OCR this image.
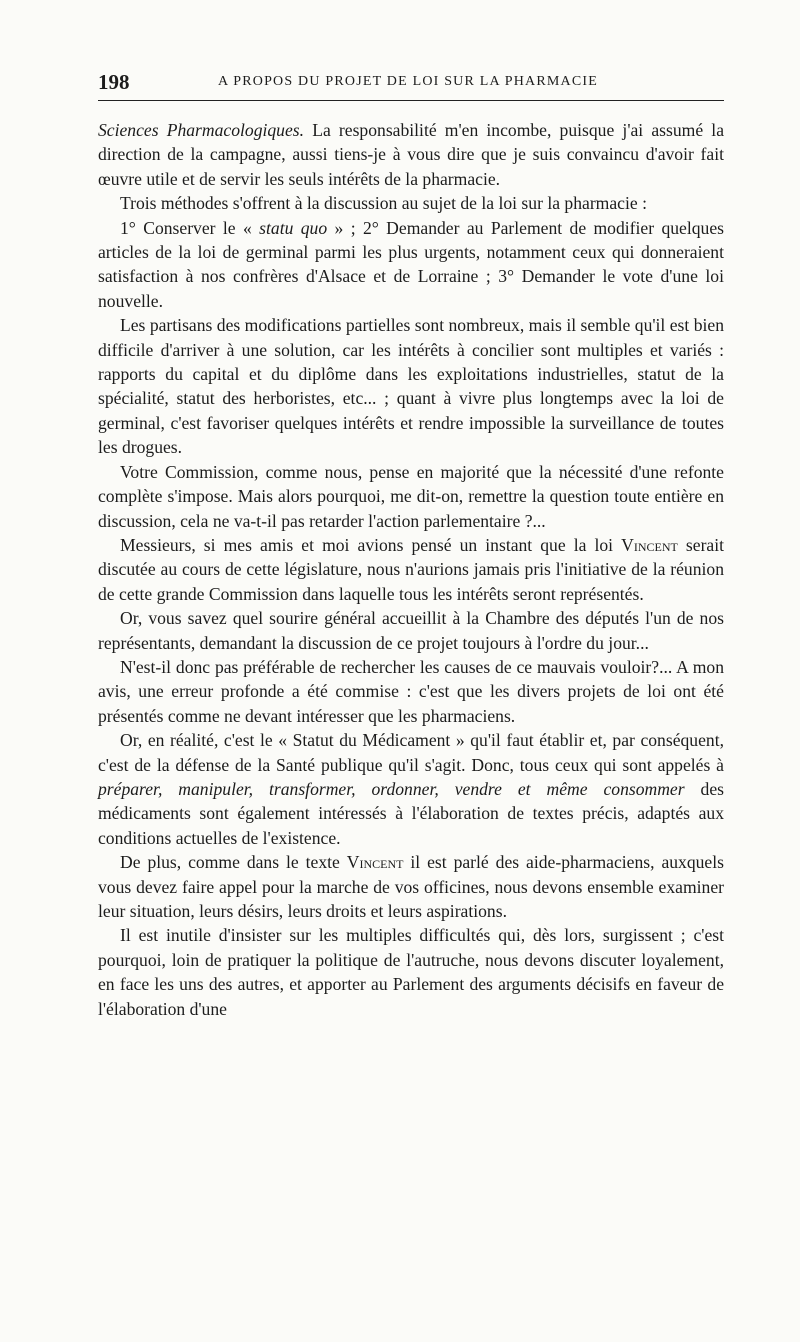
198	A PROPOS DU PROJET DE LOI SUR LA PHARMACIE

Sciences Pharmacologiques. La responsabilité m'en incombe, puisque j'ai assumé la direction de la campagne, aussi tiens-je à vous dire que je suis convaincu d'avoir fait œuvre utile et de servir les seuls intérêts de la pharmacie.

Trois méthodes s'offrent à la discussion au sujet de la loi sur la pharmacie :

1° Conserver le « statu quo » ; 2° Demander au Parlement de modifier quelques articles de la loi de germinal parmi les plus urgents, notamment ceux qui donneraient satisfaction à nos confrères d'Alsace et de Lorraine ; 3° Demander le vote d'une loi nouvelle.

Les partisans des modifications partielles sont nombreux, mais il semble qu'il est bien difficile d'arriver à une solution, car les intérêts à concilier sont multiples et variés : rapports du capital et du diplôme dans les exploitations industrielles, statut de la spécialité, statut des herboristes, etc... ; quant à vivre plus longtemps avec la loi de germinal, c'est favoriser quelques intérêts et rendre impossible la surveillance de toutes les drogues.

Votre Commission, comme nous, pense en majorité que la nécessité d'une refonte complète s'impose. Mais alors pourquoi, me dit-on, remettre la question toute entière en discussion, cela ne va-t-il pas retarder l'action parlementaire ?...

Messieurs, si mes amis et moi avions pensé un instant que la loi Vincent serait discutée au cours de cette législature, nous n'aurions jamais pris l'initiative de la réunion de cette grande Commission dans laquelle tous les intérêts seront représentés.

Or, vous savez quel sourire général accueillit à la Chambre des députés l'un de nos représentants, demandant la discussion de ce projet toujours à l'ordre du jour...

N'est-il donc pas préférable de rechercher les causes de ce mauvais vouloir?... A mon avis, une erreur profonde a été commise : c'est que les divers projets de loi ont été présentés comme ne devant intéresser que les pharmaciens.

Or, en réalité, c'est le « Statut du Médicament » qu'il faut établir et, par conséquent, c'est de la défense de la Santé publique qu'il s'agit. Donc, tous ceux qui sont appelés à préparer, manipuler, transformer, ordonner, vendre et même consommer des médicaments sont également intéressés à l'élaboration de textes précis, adaptés aux conditions actuelles de l'existence.

De plus, comme dans le texte Vincent il est parlé des aide-pharmaciens, auxquels vous devez faire appel pour la marche de vos officines, nous devons ensemble examiner leur situation, leurs désirs, leurs droits et leurs aspirations.

Il est inutile d'insister sur les multiples difficultés qui, dès lors, surgissent ; c'est pourquoi, loin de pratiquer la politique de l'autruche, nous devons discuter loyalement, en face les uns des autres, et apporter au Parlement des arguments décisifs en faveur de l'élaboration d'une
